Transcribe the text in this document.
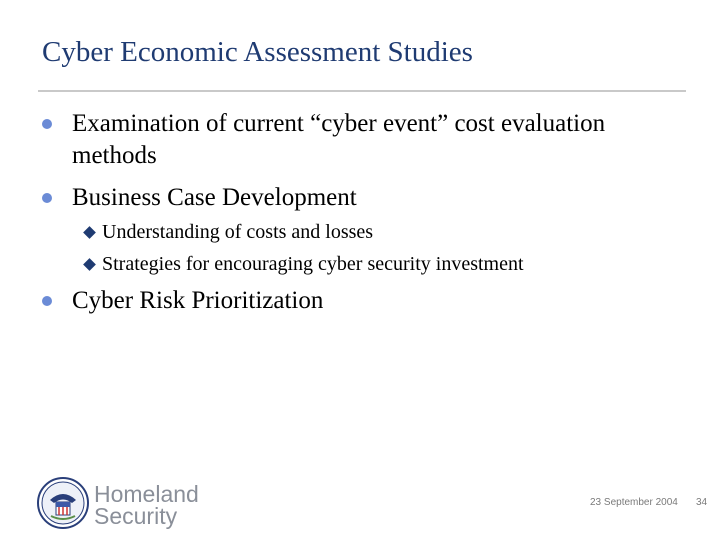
Cyber Economic Assessment Studies
Examination of current “cyber event” cost evaluation
methods
Business Case Development
Understanding of costs and losses
Strategies for encouraging cyber security investment
Cyber Risk Prioritization
Homeland
Security
23 September 2004 34
